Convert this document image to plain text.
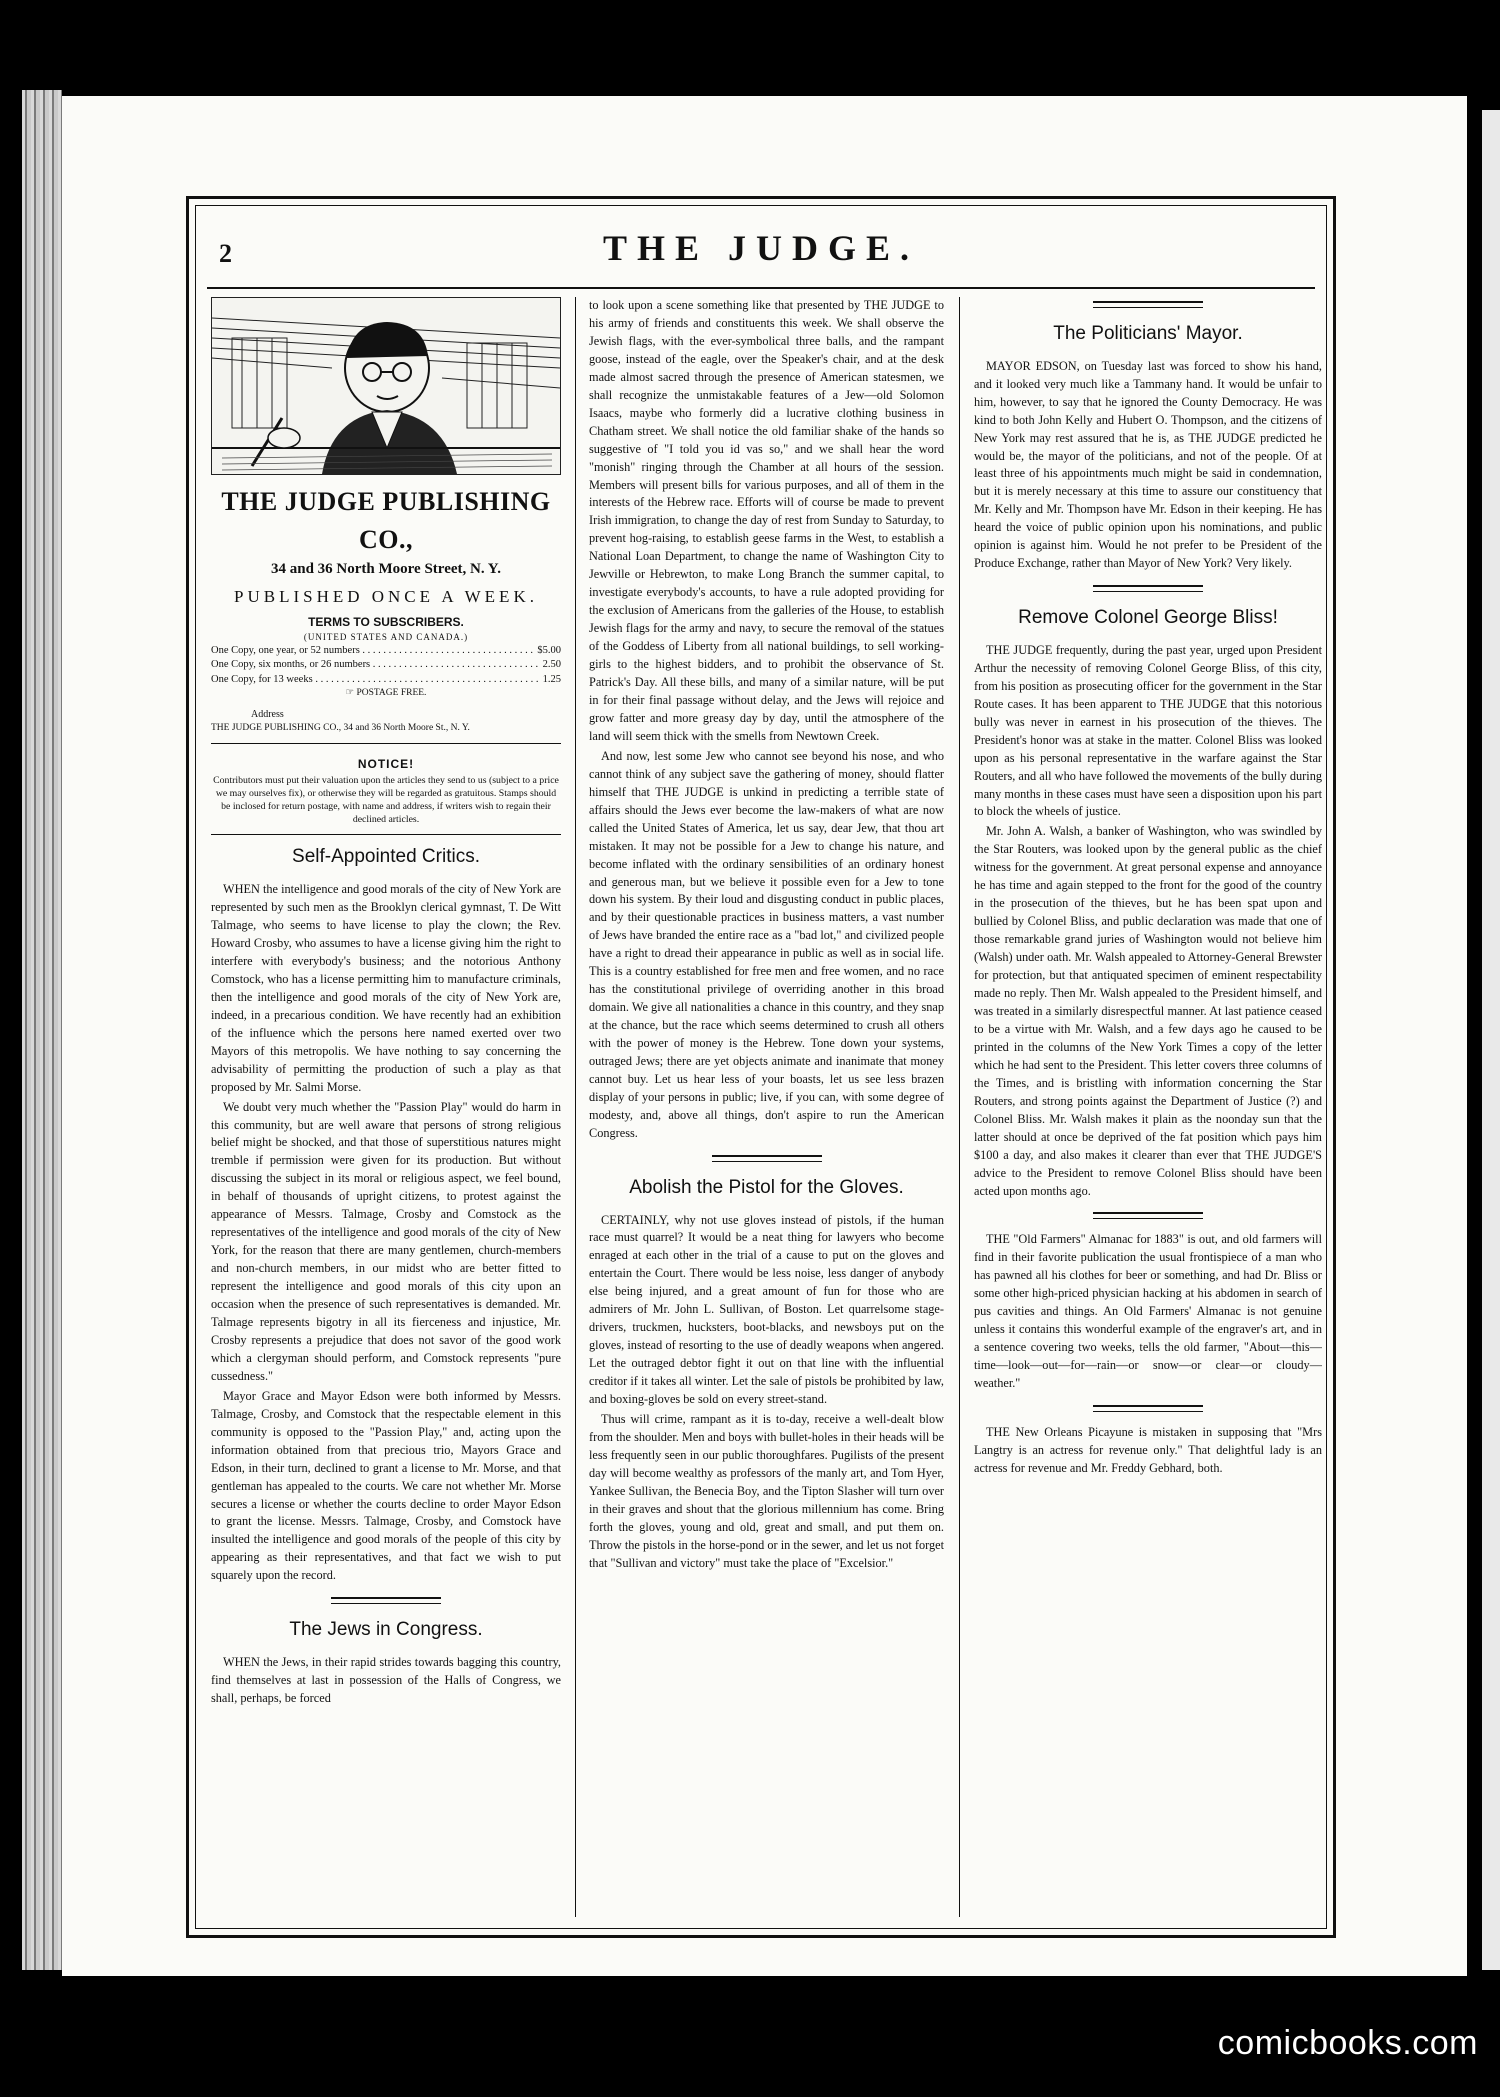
2	THE JUDGE.
THE JUDGE PUBLISHING CO.,
34 and 36 North Moore Street, N. Y.
PUBLISHED ONCE A WEEK.
TERMS TO SUBSCRIBERS.
(UNITED STATES AND CANADA.)
One Copy, one year, or 52 numbers . . .	$5.00
One Copy, six months, or 26 numbers . . .	2.50
One Copy, for 13 weeks . . .	1.25
☞ POSTAGE FREE.
Address
THE JUDGE PUBLISHING CO., 34 and 36 North Moore St., N. Y.
NOTICE!
Contributors must put their valuation upon the articles they send to us (subject to a price we may ourselves fix), or otherwise they will be regarded as gratuitous. Stamps should be inclosed for return postage, with name and address, if writers wish to regain their declined articles.
Self-Appointed Critics.

WHEN the intelligence and good morals of the city of New York are represented by such men as the Brooklyn clerical gymnast, T. De Witt Talmage, who seems to have license to play the clown; the Rev. Howard Crosby, who assumes to have a license giving him the right to interfere with everybody's business; and the notorious Anthony Comstock, who has a license permitting him to manufacture criminals, then the intelligence and good morals of the city of New York are, indeed, in a precarious condition. We have recently had an exhibition of the influence which the persons here named exerted over two Mayors of this metropolis. We have nothing to say concerning the advisability of permitting the production of such a play as that proposed by Mr. Salmi Morse.

We doubt very much whether the "Passion Play" would do harm in this community, but are well aware that persons of strong religious belief might be shocked, and that those of superstitious natures might tremble if permission were given for its production. But without discussing the subject in its moral or religious aspect, we feel bound, in behalf of thousands of upright citizens, to protest against the appearance of Messrs. Talmage, Crosby and Comstock as the representatives of the intelligence and good morals of the city of New York, for the reason that there are many gentlemen, church-members and non-church members, in our midst who are better fitted to represent the intelligence and good morals of this city upon an occasion when the presence of such representatives is demanded. Mr. Talmage represents bigotry in all its fierceness and injustice, Mr. Crosby represents a prejudice that does not savor of the good work which a clergyman should perform, and Comstock represents "pure cussedness."

Mayor Grace and Mayor Edson were both informed by Messrs. Talmage, Crosby, and Comstock that the respectable element in this community is opposed to the "Passion Play," and, acting upon the information obtained from that precious trio, Mayors Grace and Edson, in their turn, declined to grant a license to Mr. Morse, and that gentleman has appealed to the courts. We care not whether Mr. Morse secures a license or whether the courts decline to order Mayor Edson to grant the license. Messrs. Talmage, Crosby, and Comstock have insulted the intelligence and good morals of the people of this city by appearing as their representatives, and that fact we wish to put squarely upon the record.

The Jews in Congress.

WHEN the Jews, in their rapid strides towards bagging this country, find themselves at last in possession of the Halls of Congress, we shall, perhaps, be forced

to look upon a scene something like that presented by THE JUDGE to his army of friends and constituents this week. We shall observe the Jewish flags, with the ever-symbolical three balls, and the rampant goose, instead of the eagle, over the Speaker's chair, and at the desk made almost sacred through the presence of American statesmen, we shall recognize the unmistakable features of a Jew—old Solomon Isaacs, maybe who formerly did a lucrative clothing business in Chatham street. We shall notice the old familiar shake of the hands so suggestive of "I told you id vas so," and we shall hear the word "monish" ringing through the Chamber at all hours of the session. Members will present bills for various purposes, and all of them in the interests of the Hebrew race. Efforts will of course be made to prevent Irish immigration, to change the day of rest from Sunday to Saturday, to prevent hog-raising, to establish geese farms in the West, to establish a National Loan Department, to change the name of Washington City to Jewville or Hebrewton, to make Long Branch the summer capital, to investigate everybody's accounts, to have a rule adopted providing for the exclusion of Americans from the galleries of the House, to establish Jewish flags for the army and navy, to secure the removal of the statues of the Goddess of Liberty from all national buildings, to sell working-girls to the highest bidders, and to prohibit the observance of St. Patrick's Day. All these bills, and many of a similar nature, will be put in for their final passage without delay, and the Jews will rejoice and grow fatter and more greasy day by day, until the atmosphere of the land will seem thick with the smells from Newtown Creek.

And now, lest some Jew who cannot see beyond his nose, and who cannot think of any subject save the gathering of money, should flatter himself that THE JUDGE is unkind in predicting a terrible state of affairs should the Jews ever become the law-makers of what are now called the United States of America, let us say, dear Jew, that thou art mistaken. It may not be possible for a Jew to change his nature, and become inflated with the ordinary sensibilities of an ordinary honest and generous man, but we believe it possible even for a Jew to tone down his system. By their loud and disgusting conduct in public places, and by their questionable practices in business matters, a vast number of Jews have branded the entire race as a "bad lot," and civilized people have a right to dread their appearance in public as well as in social life. This is a country established for free men and free women, and no race has the constitutional privilege of overriding another in this broad domain. We give all nationalities a chance in this country, and they snap at the chance, but the race which seems determined to crush all others with the power of money is the Hebrew. Tone down your systems, outraged Jews; there are yet objects animate and inanimate that money cannot buy. Let us hear less of your boasts, let us see less brazen display of your persons in public; live, if you can, with some degree of modesty, and, above all things, don't aspire to run the American Congress.

Abolish the Pistol for the Gloves.

CERTAINLY, why not use gloves instead of pistols, if the human race must quarrel? It would be a neat thing for lawyers who become enraged at each other in the trial of a cause to put on the gloves and entertain the Court. There would be less noise, less danger of anybody else being injured, and a great amount of fun for those who are admirers of Mr. John L. Sullivan, of Boston. Let quarrelsome stage-drivers, truckmen, hucksters, boot-blacks, and newsboys put on the gloves, instead of resorting to the use of deadly weapons when angered. Let the outraged debtor fight it out on that line with the influential creditor if it takes all winter. Let the sale of pistols be prohibited by law, and boxing-gloves be sold on every street-stand.

Thus will crime, rampant as it is to-day, receive a well-dealt blow from the shoulder. Men and boys with bullet-holes in their heads will be less frequently seen in our public thoroughfares. Pugilists of the present day will become wealthy as professors of the manly art, and Tom Hyer, Yankee Sullivan, the Benecia Boy, and the Tipton Slasher will turn over in their graves and shout that the glorious millennium has come. Bring forth the gloves, young and old, great and small, and put them on. Throw the pistols in the horse-pond or in the sewer, and let us not forget that "Sullivan and victory" must take the place of "Excelsior."

The Politicians' Mayor.

MAYOR EDSON, on Tuesday last was forced to show his hand, and it looked very much like a Tammany hand. It would be unfair to him, however, to say that he ignored the County Democracy. He was kind to both John Kelly and Hubert O. Thompson, and the citizens of New York may rest assured that he is, as THE JUDGE predicted he would be, the mayor of the politicians, and not of the people. Of at least three of his appointments much might be said in condemnation, but it is merely necessary at this time to assure our constituency that Mr. Kelly and Mr. Thompson have Mr. Edson in their keeping. He has heard the voice of public opinion upon his nominations, and public opinion is against him. Would he not prefer to be President of the Produce Exchange, rather than Mayor of New York? Very likely.

Remove Colonel George Bliss!

THE JUDGE frequently, during the past year, urged upon President Arthur the necessity of removing Colonel George Bliss, of this city, from his position as prosecuting officer for the government in the Star Route cases. It has been apparent to THE JUDGE that this notorious bully was never in earnest in his prosecution of the thieves. The President's honor was at stake in the matter. Colonel Bliss was looked upon as his personal representative in the warfare against the Star Routers, and all who have followed the movements of the bully during many months in these cases must have seen a disposition upon his part to block the wheels of justice.

Mr. John A. Walsh, a banker of Washington, who was swindled by the Star Routers, was looked upon by the general public as the chief witness for the government. At great personal expense and annoyance he has time and again stepped to the front for the good of the country in the prosecution of the thieves, but he has been spat upon and bullied by Colonel Bliss, and public declaration was made that one of those remarkable grand juries of Washington would not believe him (Walsh) under oath. Mr. Walsh appealed to Attorney-General Brewster for protection, but that antiquated specimen of eminent respectability made no reply. Then Mr. Walsh appealed to the President himself, and was treated in a similarly disrespectful manner. At last patience ceased to be a virtue with Mr. Walsh, and a few days ago he caused to be printed in the columns of the New York Times a copy of the letter which he had sent to the President. This letter covers three columns of the Times, and is bristling with information concerning the Star Routers, and strong points against the Department of Justice (?) and Colonel Bliss. Mr. Walsh makes it plain as the noonday sun that the latter should at once be deprived of the fat position which pays him $100 a day, and also makes it clearer than ever that THE JUDGE'S advice to the President to remove Colonel Bliss should have been acted upon months ago.

THE "Old Farmers" Almanac for 1883" is out, and old farmers will find in their favorite publication the usual frontispiece of a man who has pawned all his clothes for beer or something, and had Dr. Bliss or some other high-priced physician hacking at his abdomen in search of pus cavities and things. An Old Farmers' Almanac is not genuine unless it contains this wonderful example of the engraver's art, and in a sentence covering two weeks, tells the old farmer, "About—this—time—look—out—for—rain—or snow—or clear—or cloudy—weather."

THE New Orleans Picayune is mistaken in supposing that "Mrs Langtry is an actress for revenue only." That delightful lady is an actress for revenue and Mr. Freddy Gebhard, both.

comicbooks.com
